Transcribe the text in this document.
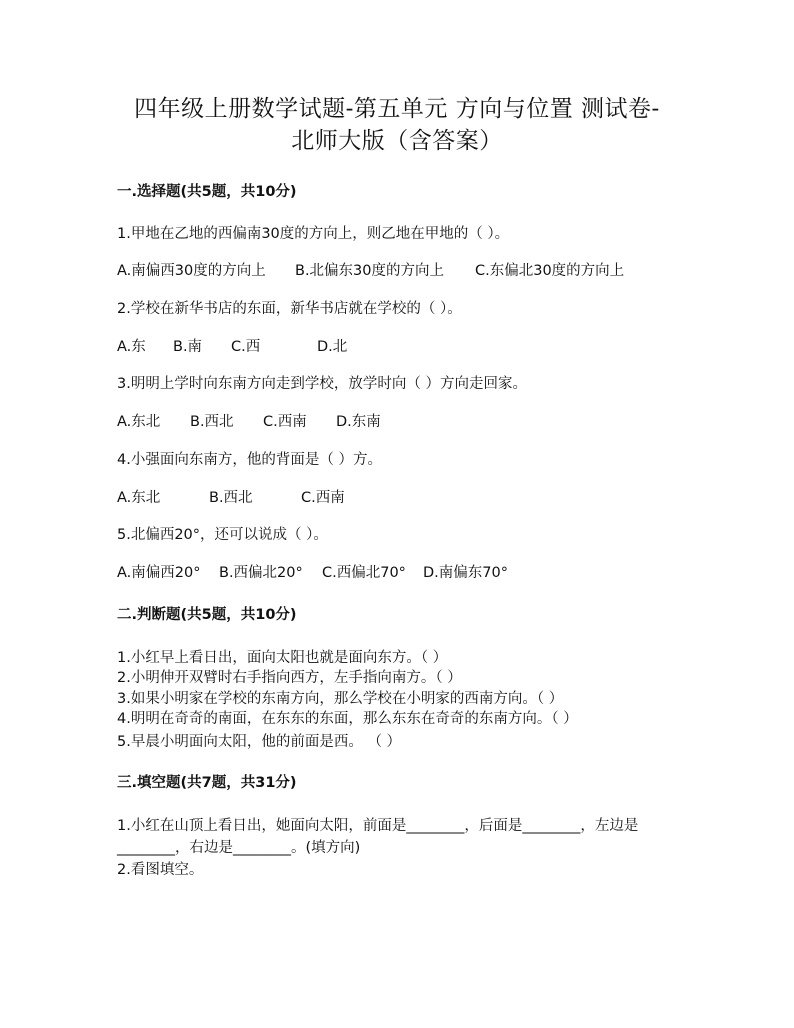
四年级上册数学试题-第五单元 方向与位置 测试卷-
北师大版（含答案）
一.选择题(共5题，共10分)
1.甲地在乙地的西偏南30度的方向上，则乙地在甲地的（ ）。
A.南偏西30度的方向上 B.北偏东30度的方向上 C.东偏北30度的方向上
2.学校在新华书店的东面，新华书店就在学校的（ ）。
A.东 B.南 C.西	D.北
3.明明上学时向东南方向走到学校，放学时向（ ）方向走回家。
A.东北 B.西北 C.西南 D.东南
4.小强面向东南方，他的背面是（ ）方。
A.东北	B.西北	C.西南
5.北偏西20°，还可以说成（ ）。
A.南偏西20° B.西偏北20° C.西偏北70° D.南偏东70°
二.判断题(共5题，共10分)
1.小红早上看日出，面向太阳也就是面向东方。（ ）
2.小明伸开双臂时右手指向西方，左手指向南方。（ ）
3.如果小明家在学校的东南方向，那么学校在小明家的西南方向。（ ）
4.明明在奇奇的南面，在东东的东面，那么东东在奇奇的东南方向。（ ）
5.早晨小明面向太阳，他的前面是西。 （ ）
三.填空题(共7题，共31分)
1.小红在山顶上看日出，她面向太阳，前面是________，后面是________，左边是
________，右边是________。(填方向)
2.看图填空。
